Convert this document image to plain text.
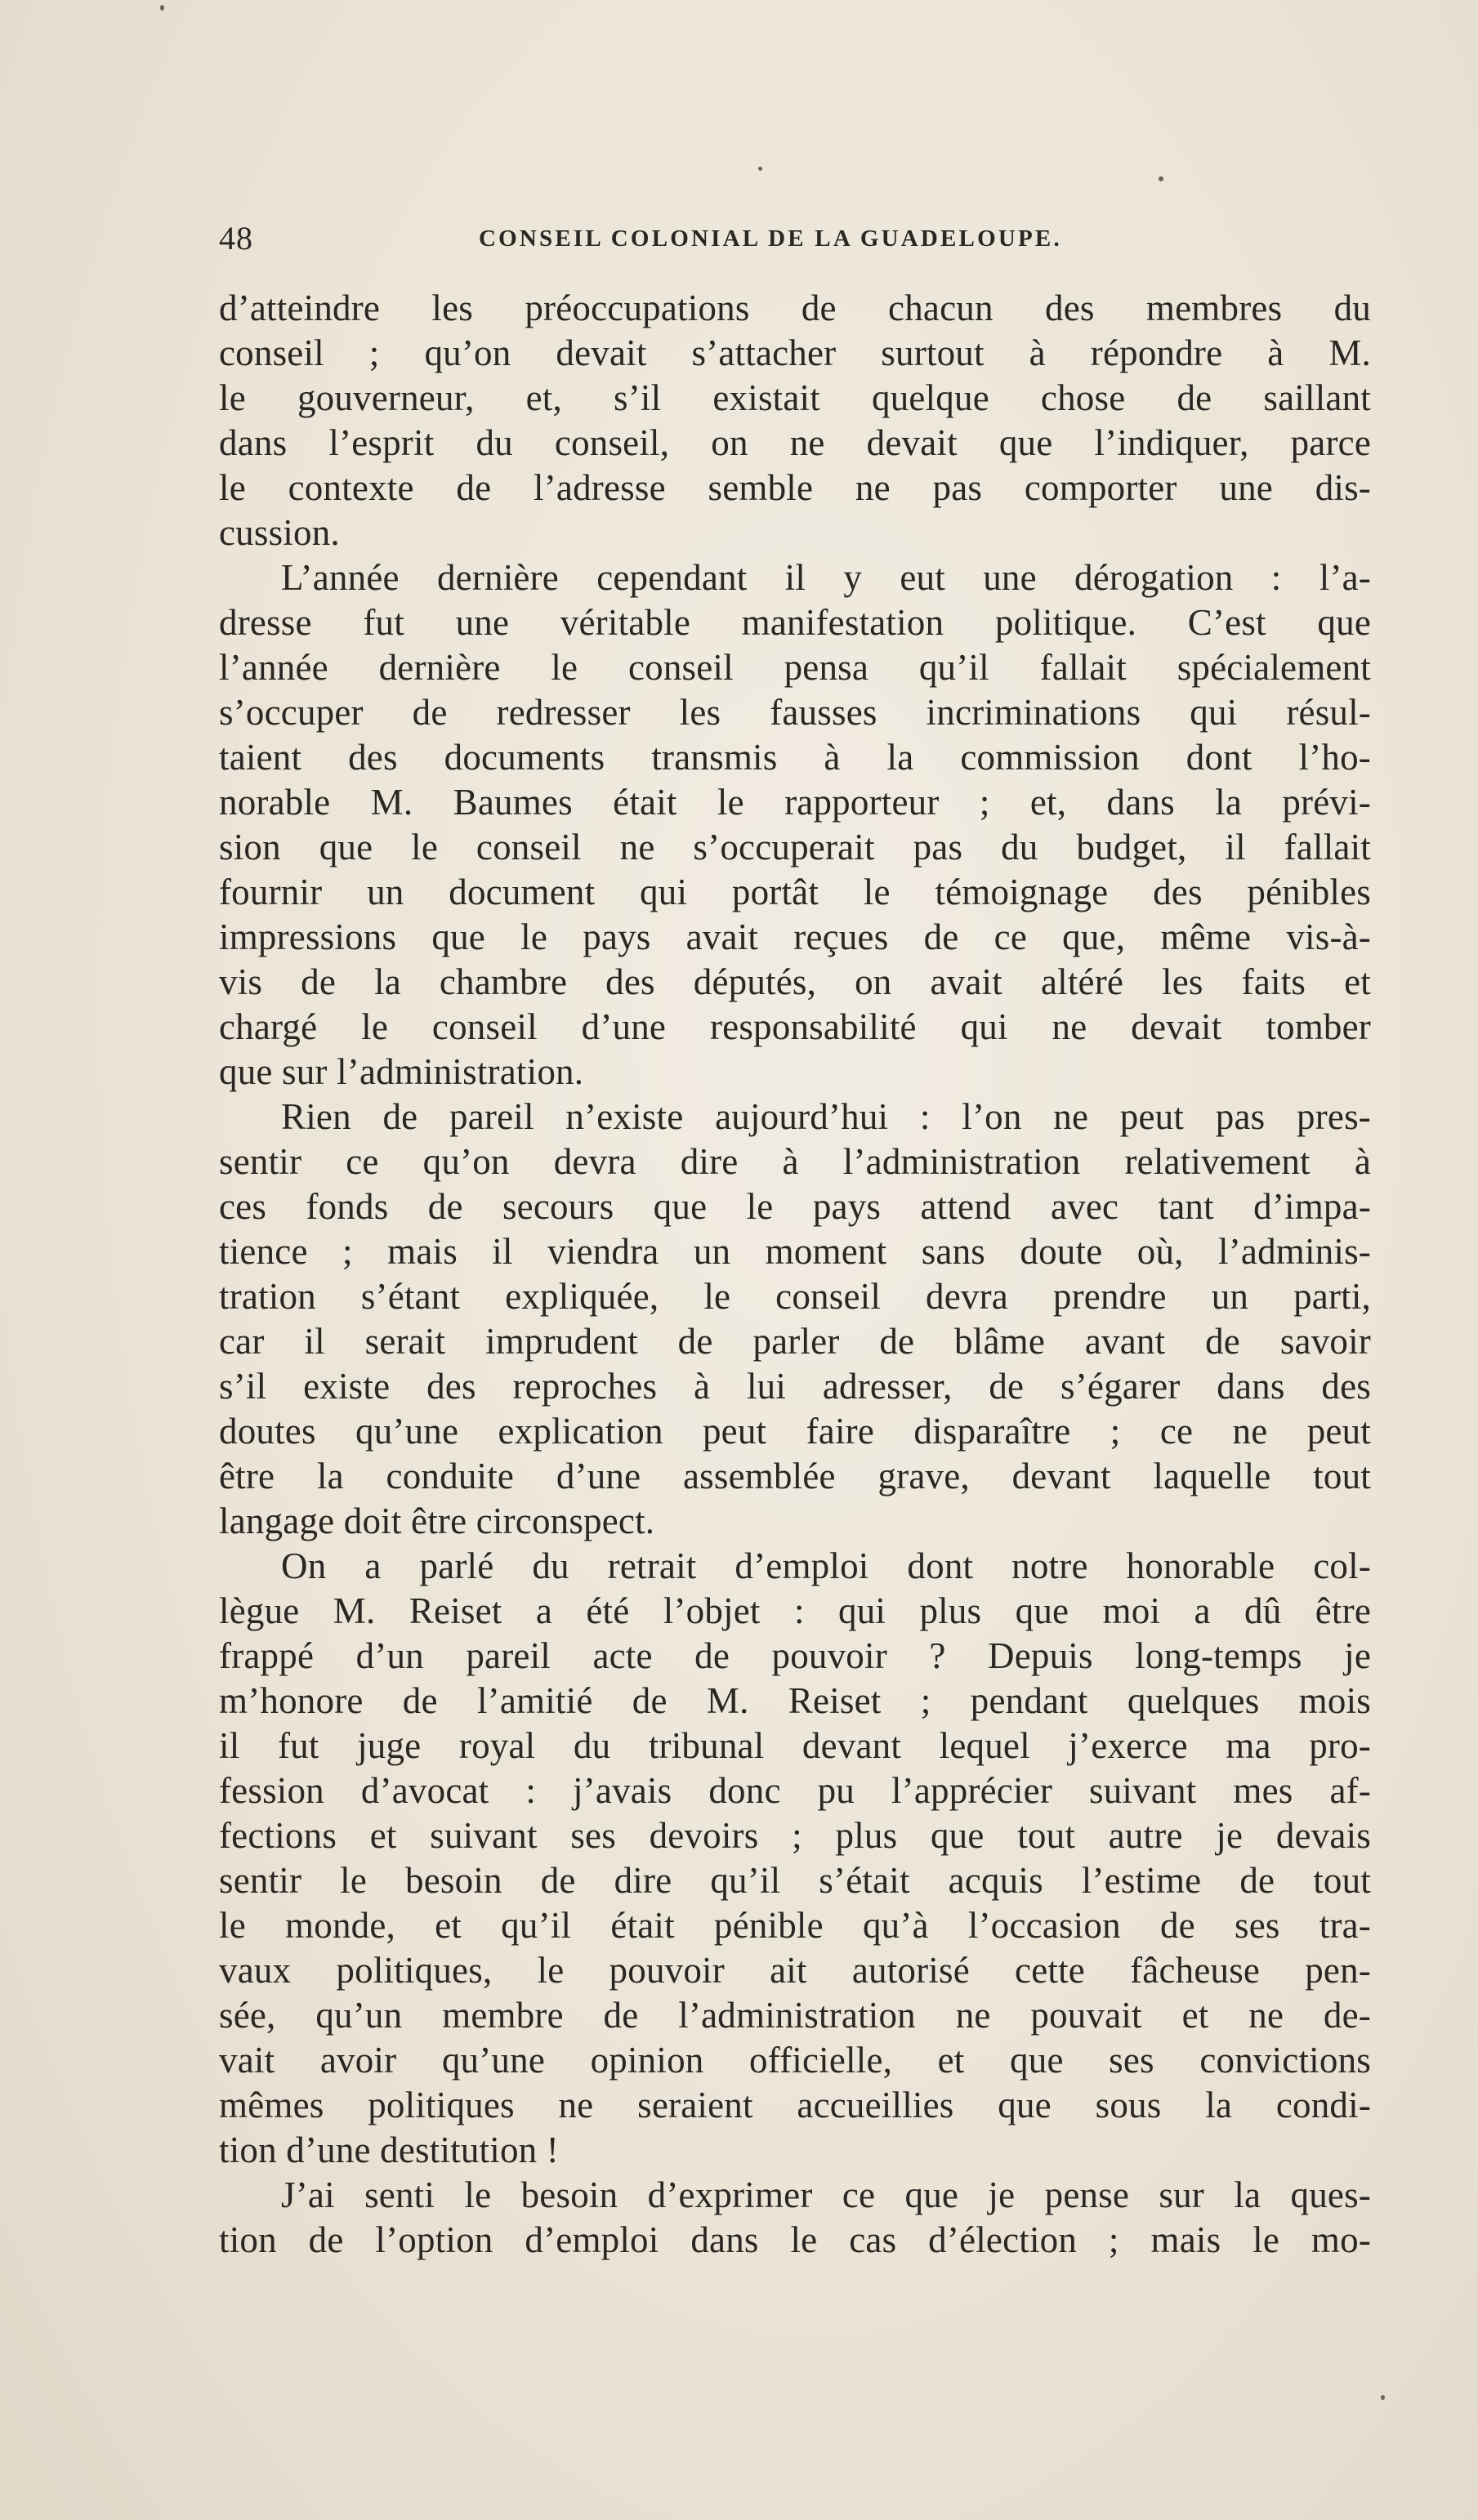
48	CONSEIL COLONIAL DE LA GUADELOUPE.
d’atteindre les préoccupations de chacun des membres du
conseil ; qu’on devait s’attacher surtout à répondre à M.
le gouverneur, et, s’il existait quelque chose de saillant
dans l’esprit du conseil, on ne devait que l’indiquer, parce
le contexte de l’adresse semble ne pas comporter une dis-
cussion.
L’année dernière cependant il y eut une dérogation : l’a-
dresse fut une véritable manifestation politique. C’est que
l’année dernière le conseil pensa qu’il fallait spécialement
s’occuper de redresser les fausses incriminations qui résul-
taient des documents transmis à la commission dont l’ho-
norable M. Baumes était le rapporteur ; et, dans la prévi-
sion que le conseil ne s’occuperait pas du budget, il fallait
fournir un document qui portât le témoignage des pénibles
impressions que le pays avait reçues de ce que, même vis-à-
vis de la chambre des députés, on avait altéré les faits et
chargé le conseil d’une responsabilité qui ne devait tomber
que sur l’administration.
Rien de pareil n’existe aujourd’hui : l’on ne peut pas pres-
sentir ce qu’on devra dire à l’administration relativement à
ces fonds de secours que le pays attend avec tant d’impa-
tience ; mais il viendra un moment sans doute où, l’adminis-
tration s’étant expliquée, le conseil devra prendre un parti,
car il serait imprudent de parler de blâme avant de savoir
s’il existe des reproches à lui adresser, de s’égarer dans des
doutes qu’une explication peut faire disparaître ; ce ne peut
être la conduite d’une assemblée grave, devant laquelle tout
langage doit être circonspect.
On a parlé du retrait d’emploi dont notre honorable col-
lègue M. Reiset a été l’objet : qui plus que moi a dû être
frappé d’un pareil acte de pouvoir ? Depuis long-temps je
m’honore de l’amitié de M. Reiset ; pendant quelques mois
il fut juge royal du tribunal devant lequel j’exerce ma pro-
fession d’avocat : j’avais donc pu l’apprécier suivant mes af-
fections et suivant ses devoirs ; plus que tout autre je devais
sentir le besoin de dire qu’il s’était acquis l’estime de tout
le monde, et qu’il était pénible qu’à l’occasion de ses tra-
vaux politiques, le pouvoir ait autorisé cette fâcheuse pen-
sée, qu’un membre de l’administration ne pouvait et ne de-
vait avoir qu’une opinion officielle, et que ses convictions
mêmes politiques ne seraient accueillies que sous la condi-
tion d’une destitution !
J’ai senti le besoin d’exprimer ce que je pense sur la ques-
tion de l’option d’emploi dans le cas d’élection ; mais le mo-
